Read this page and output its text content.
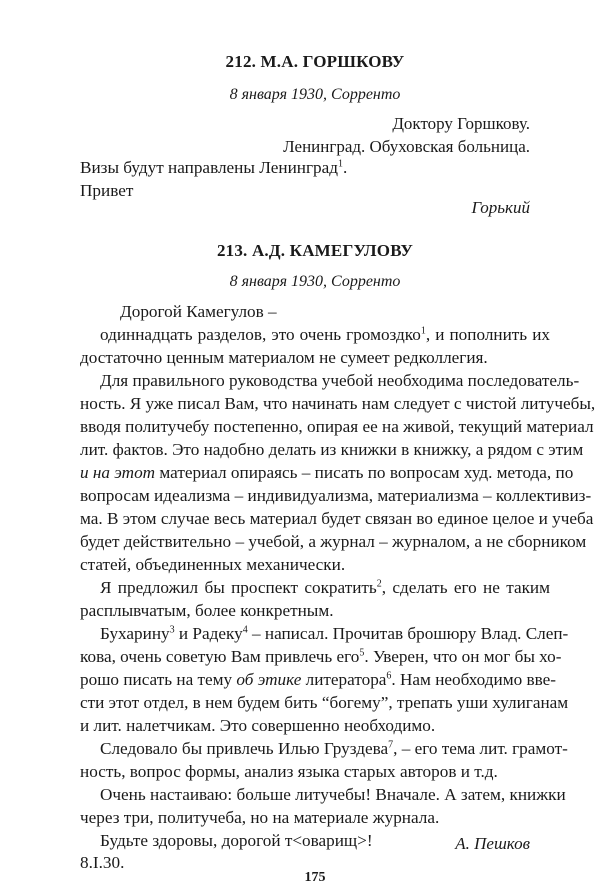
212. М.А. ГОРШКОВУ
8 января 1930, Сорренто
Доктору Горшкову.
Ленинград. Обуховская больница.
Визы будут направлены Ленинград$^1$.
Привет
Горький
213. А.Д. КАМЕГУЛОВУ
8 января 1930, Сорренто
Дорогой Камегулов –
одиннадцать разделов, это очень громоздко$^1$, и пополнить их
достаточно ценным материалом не сумеет редколлегия.
Для правильного руководства учебой необходима последователь-
ность. Я уже писал Вам, что начинать нам следует с чистой литучебы,
вводя политучебу постепенно, опирая ее на живой, текущий материал
лит. фактов. Это надобно делать из книжки в книжку, а рядом с этим
и на этот материал опираясь – писать по вопросам худ. метода, по
вопросам идеализма – индивидуализма, материализма – коллективиз-
ма. В этом случае весь материал будет связан во единое целое и учеба
будет действительно – учебой, а журнал – журналом, а не сборником
статей, объединенных механически.
Я предложил бы проспект сократить$^2$, сделать его не таким
расплывчатым, более конкретным.
Бухарину$^3$ и Радеку$^4$ – написал. Прочитав брошюру Влад. Слеп-
кова, очень советую Вам привлечь его$^5$. Уверен, что он мог бы хо-
рошо писать на тему об этике литератора$^6$. Нам необходимо вве-
сти этот отдел, в нем будем бить “богему”, трепать уши хулиганам
и лит. налетчикам. Это совершенно необходимо.
Следовало бы привлечь Илью Груздева$^7$, – его тема лит. грамот-
ность, вопрос формы, анализ языка старых авторов и т.д.
Очень настаиваю: больше литучебы! Вначале. А затем, книжки
через три, политучеба, но на материале журнала.
Будьте здоровы, дорогой т<оварищ>!	А. Пешков
8.I.30.
175
